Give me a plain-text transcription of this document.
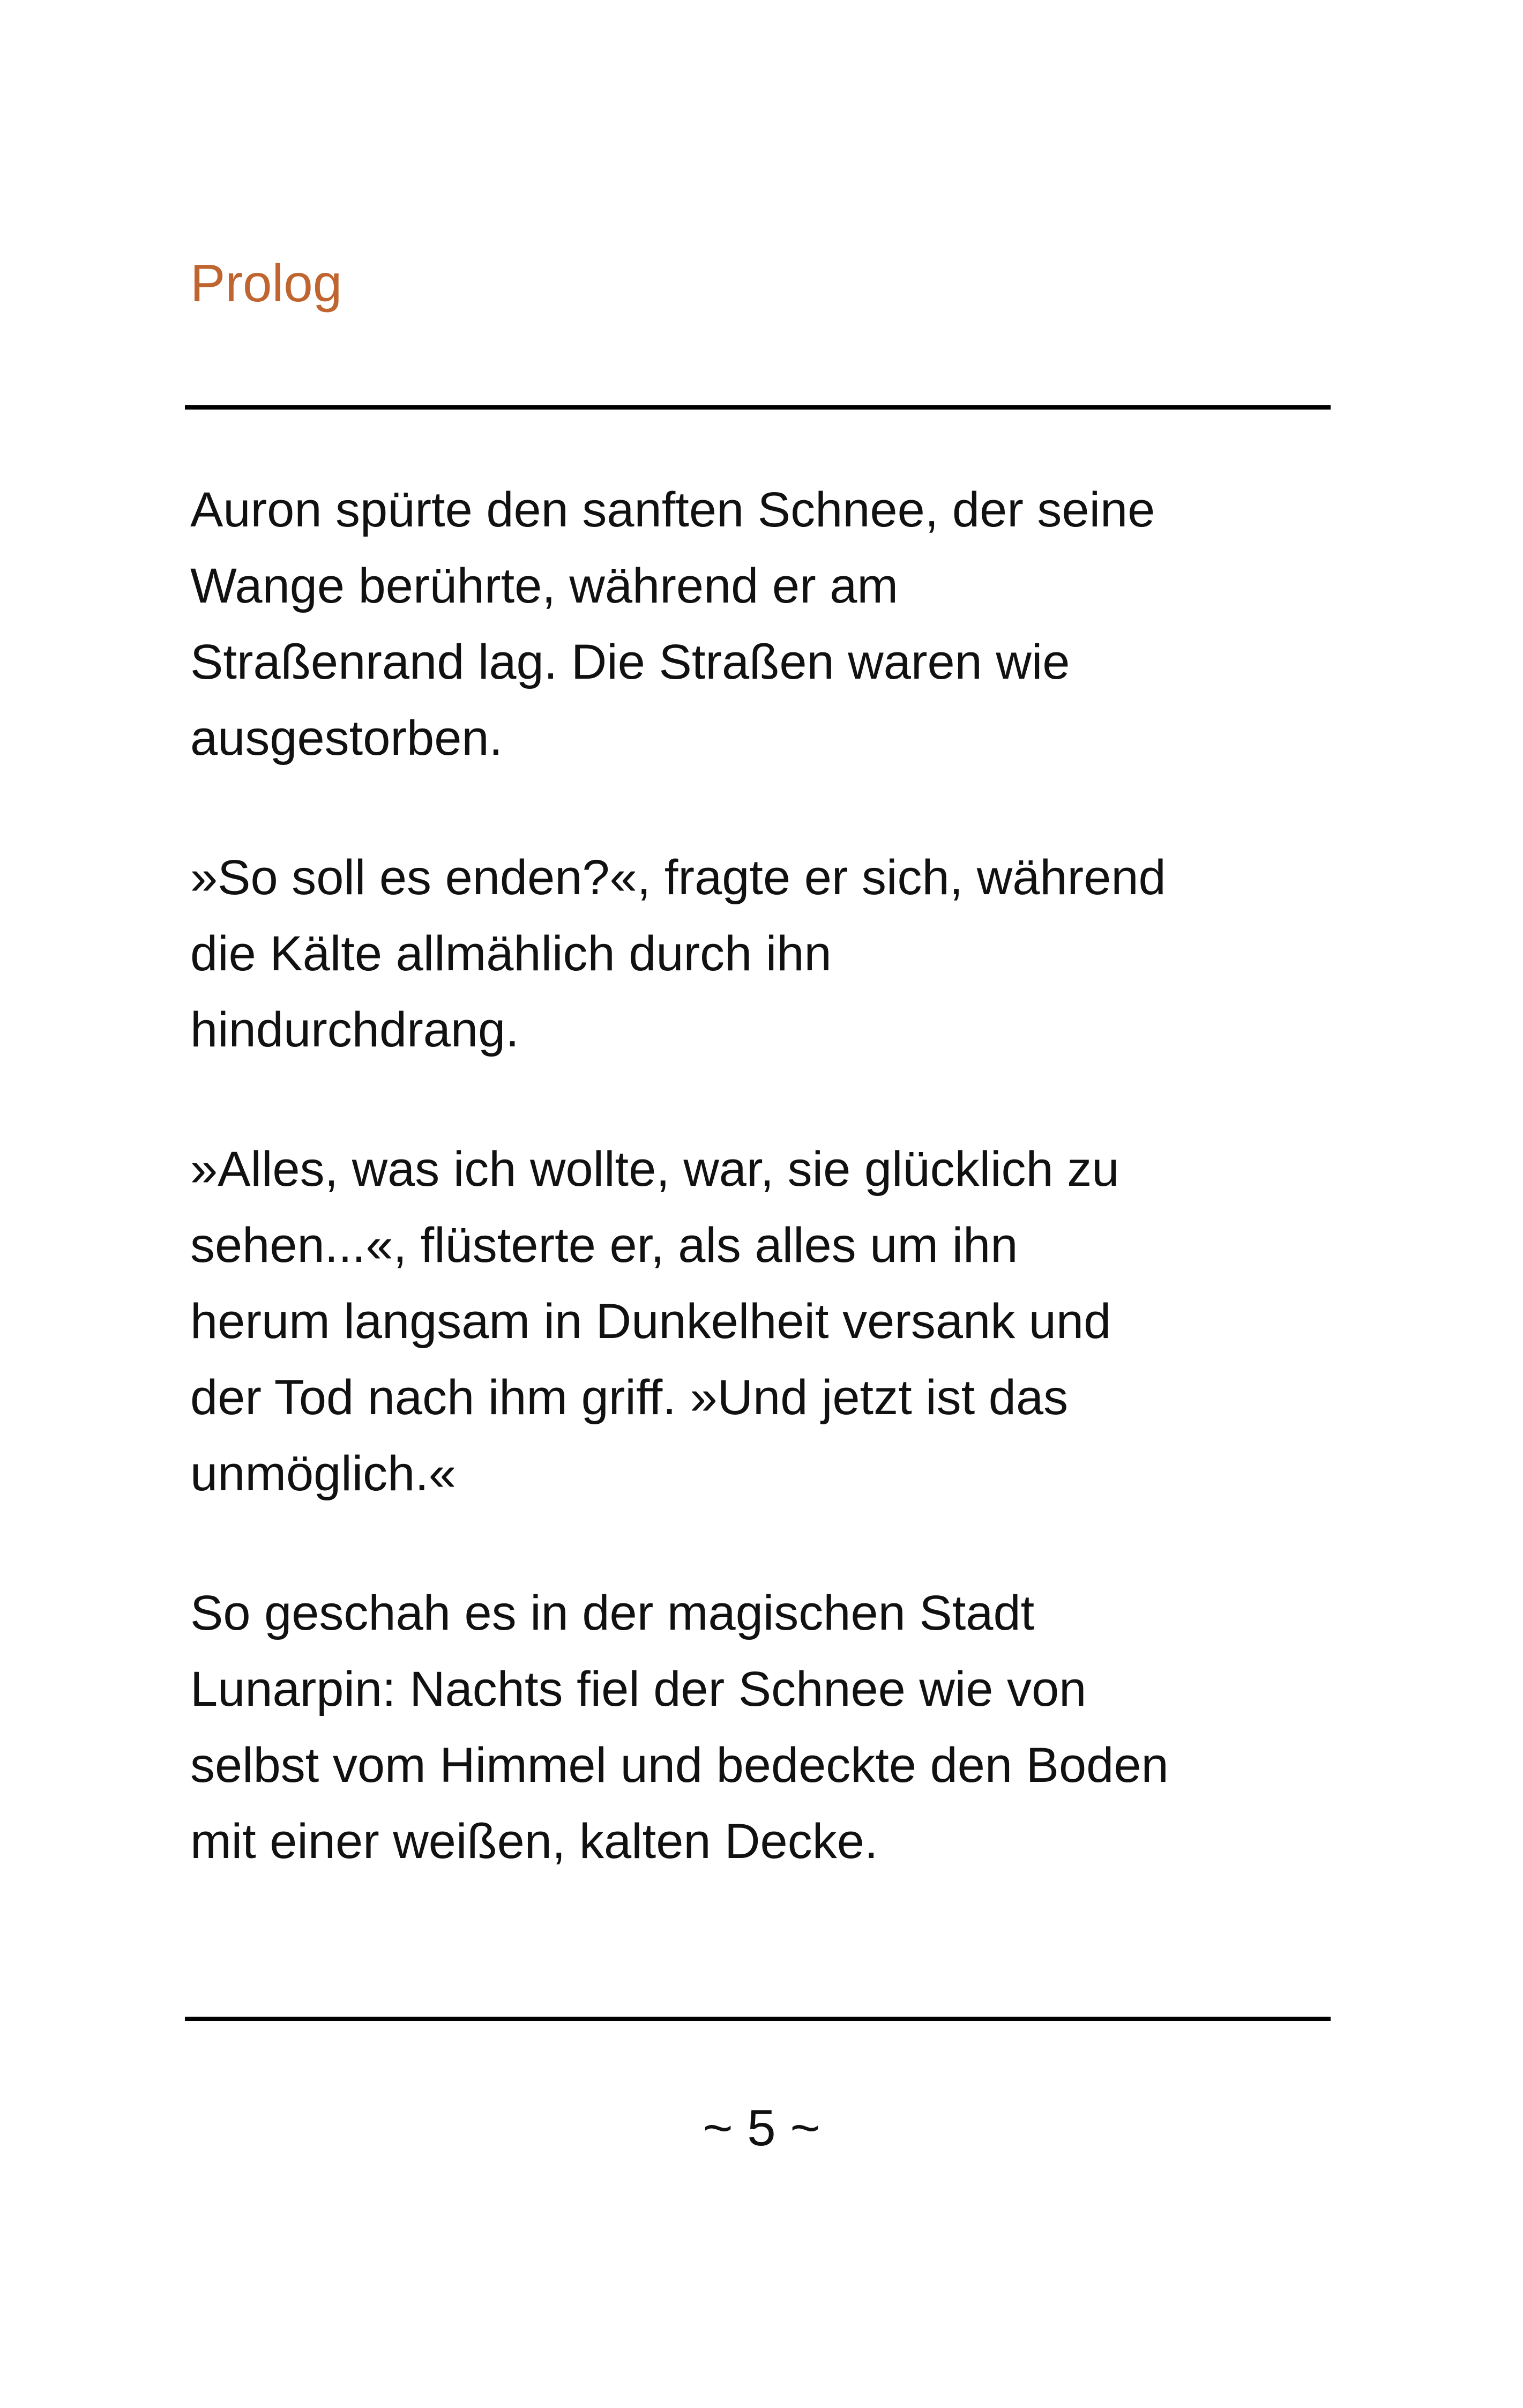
Prolog

Auron spürte den sanften Schnee, der seine
Wange berührte, während er am
Straßenrand lag. Die Straßen waren wie
ausgestorben.

»So soll es enden?«, fragte er sich, während
die Kälte allmählich durch ihn
hindurchdrang.

»Alles, was ich wollte, war, sie glücklich zu
sehen...«, flüsterte er, als alles um ihn
herum langsam in Dunkelheit versank und
der Tod nach ihm griff. »Und jetzt ist das
unmöglich.«

So geschah es in der magischen Stadt
Lunarpin: Nachts fiel der Schnee wie von
selbst vom Himmel und bedeckte den Boden
mit einer weißen, kalten Decke.

~ 5 ~
